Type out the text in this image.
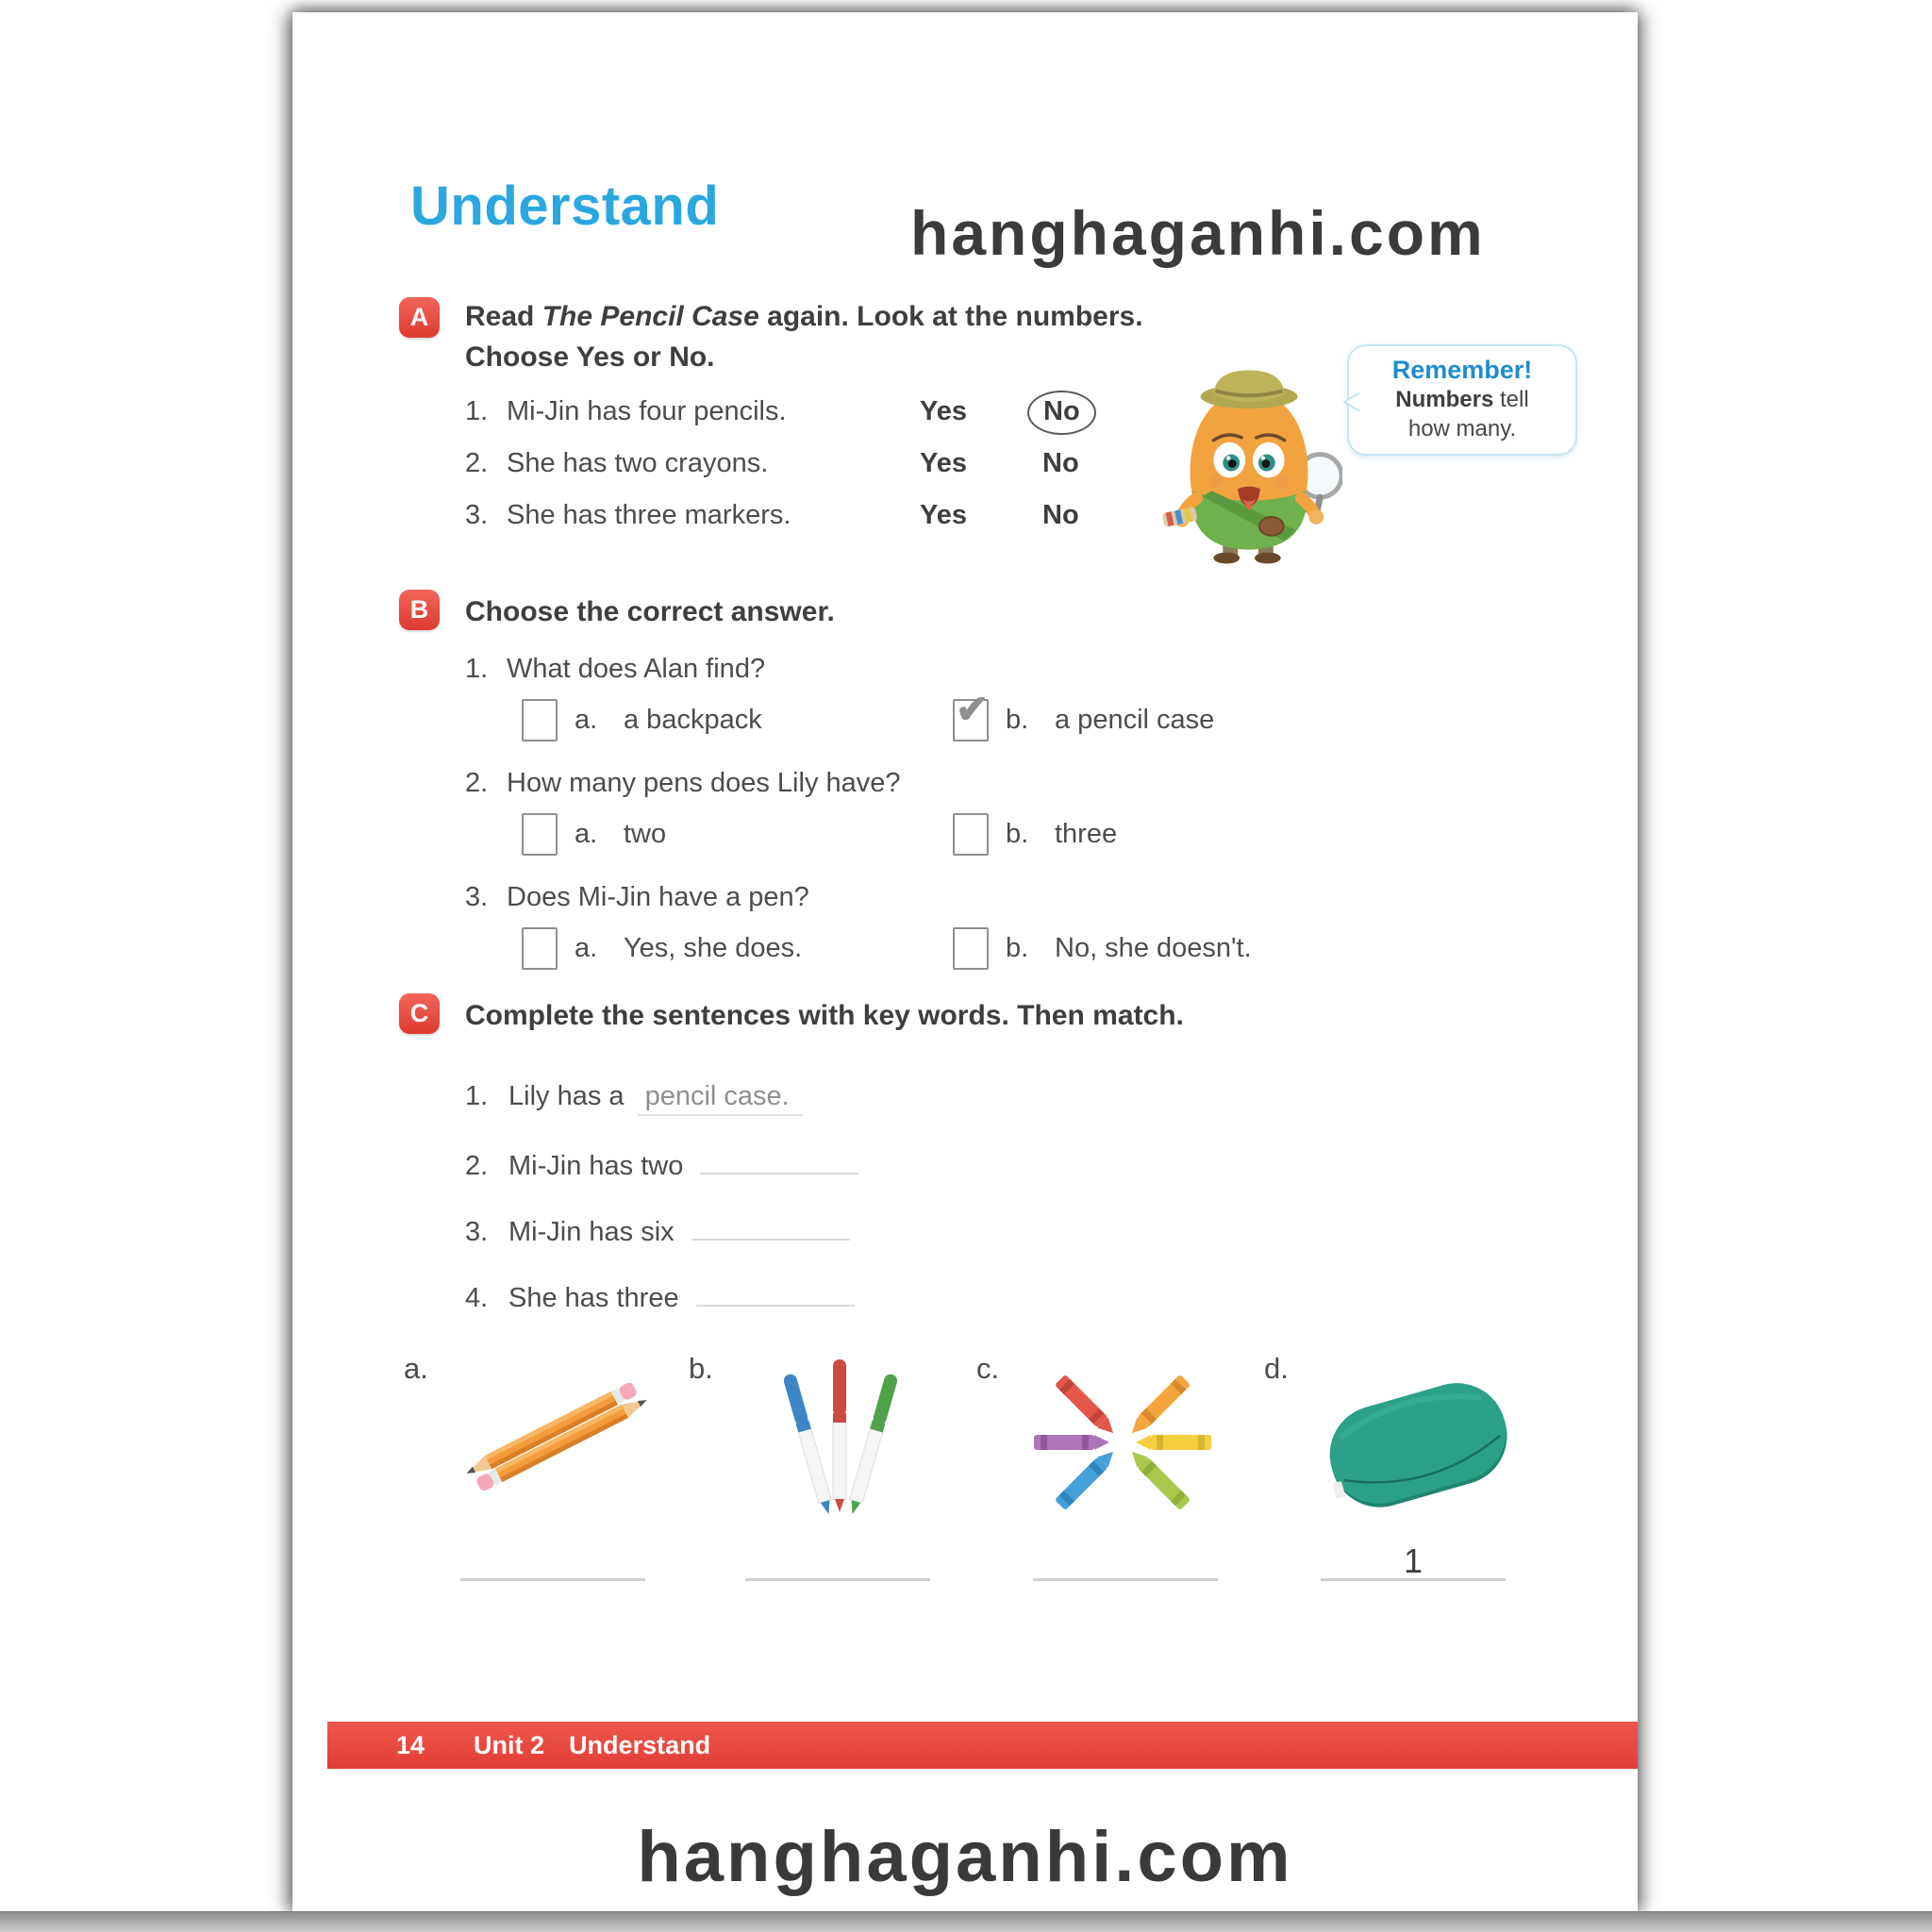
Understand	hanghaganhi.com
A	Read The Pencil Case again. Look at the numbers.
Choose Yes or No.
1. Mi-Jin has four pencils.	Yes	No
2. She has two crayons.	Yes	No
3. She has three markers.	Yes	No
Remember!
Numbers tell
how many.
B	Choose the correct answer.
1. What does Alan find?
a. a backpack	✔ b. a pencil case
2. How many pens does Lily have?
a. two	b. three
3. Does Mi-Jin have a pen?
a. Yes, she does.	b. No, she doesn't.
C	Complete the sentences with key words. Then match.
1. Lily has a pencil case.
2. Mi-Jin has two
3. Mi-Jin has six
4. She has three
a.	b.	c.	d.
1
14 Unit 2 Understand
hanghaganhi.com
